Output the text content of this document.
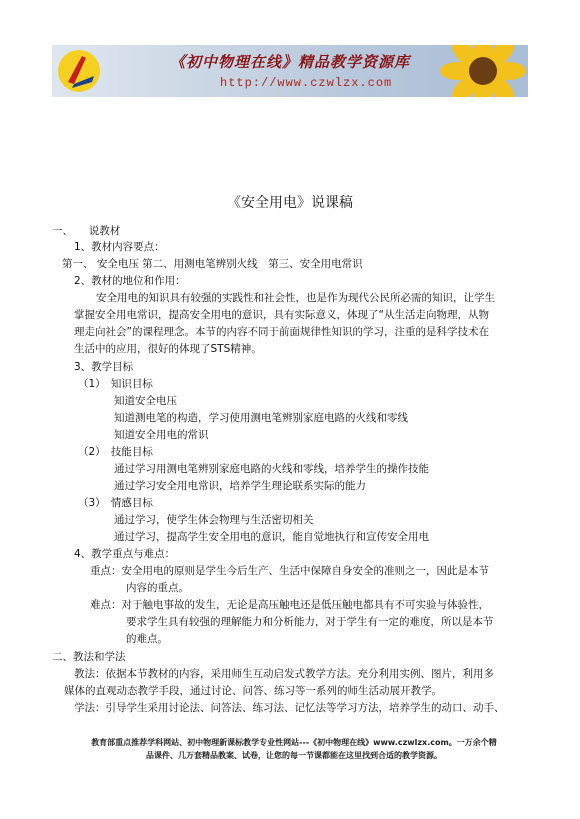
《初中物理在线》精品教学资源库
http://www.czwlzx.com
《安全用电》说课稿
一、　　说教材
1、教材内容要点：
第一、 安全电压 第二、用测电笔辨别火线　第三、安全用电常识
2、教材的地位和作用：
安全用电的知识具有较强的实践性和社会性，也是作为现代公民所必需的知识，让学生
掌握安全用电常识，提高安全用电的意识，具有实际意义，体现了“从生活走向物理，从物
理走向社会”的课程理念。本节的内容不同于前面规律性知识的学习，注重的是科学技术在
生活中的应用，很好的体现了STS精神。
3、教学目标
（1）　知识目标
知道安全电压
知道测电笔的构造，学习使用测电笔辨别家庭电路的火线和零线
知道安全用电的常识
（2）　技能目标
通过学习用测电笔辨别家庭电路的火线和零线，培养学生的操作技能
通过学习安全用电常识，培养学生理论联系实际的能力
（3）　情感目标
通过学习，使学生体会物理与生活密切相关
通过学习，提高学生安全用电的意识，能自觉地执行和宣传安全用电
4、教学重点与难点：
重点：安全用电的原则是学生今后生产、生活中保障自身安全的准则之一，因此是本节
内容的重点。
难点：对于触电事故的发生，无论是高压触电还是低压触电都具有不可实验与体验性，
要求学生具有较强的理解能力和分析能力，对于学生有一定的难度，所以是本节
的难点。
二、教法和学法
教法：依据本节教材的内容，采用师生互动启发式教学方法。充分利用实例、图片，利用多
媒体的直观动态教学手段，通过讨论、问答、练习等一系列的师生活动展开教学。
学法：引导学生采用讨论法、问答法、练习法、记忆法等学习方法，培养学生的动口、动手、
教育部重点推荐学科网站、初中物理新课标教学专业性网站---《初中物理在线》www.czwlzx.com。一万余个精
品课件、几万套精品教案、试卷，让您的每一节课都能在这里找到合适的教学资源。
